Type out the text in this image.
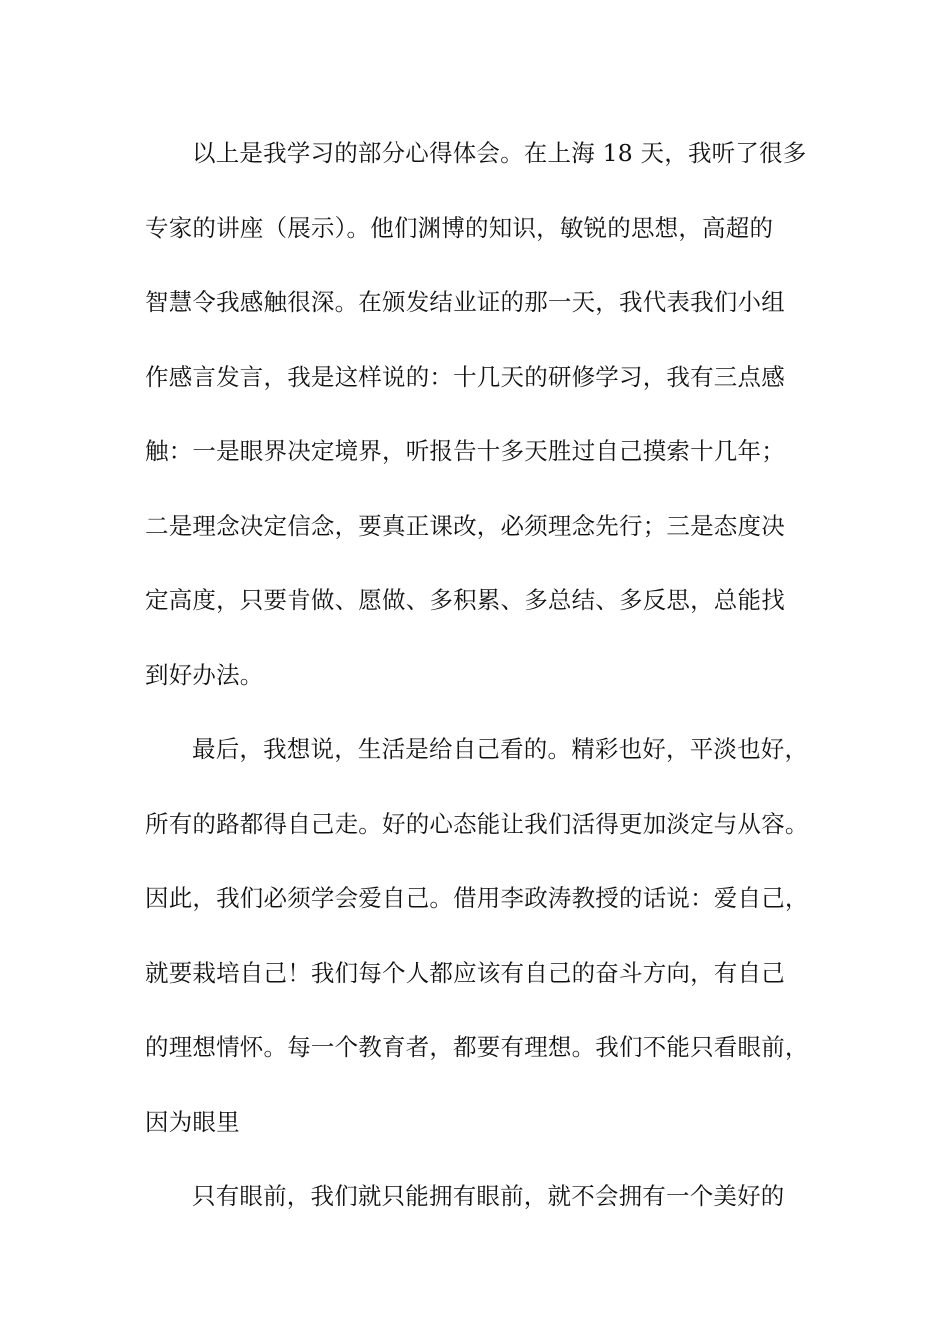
以上是我学习的部分心得体会。在上海 18 天，我听了很多
专家的讲座（展示）。他们渊博的知识，敏锐的思想，高超的
智慧令我感触很深。在颁发结业证的那一天，我代表我们小组
作感言发言，我是这样说的：十几天的研修学习，我有三点感
触：一是眼界决定境界，听报告十多天胜过自己摸索十几年；
二是理念决定信念，要真正课改，必须理念先行；三是态度决
定高度，只要肯做、愿做、多积累、多总结、多反思，总能找
到好办法。
最后，我想说，生活是给自己看的。精彩也好，平淡也好，
所有的路都得自己走。好的心态能让我们活得更加淡定与从容。
因此，我们必须学会爱自己。借用李政涛教授的话说：爱自己，
就要栽培自己！我们每个人都应该有自己的奋斗方向，有自己
的理想情怀。每一个教育者，都要有理想。我们不能只看眼前，
因为眼里
只有眼前，我们就只能拥有眼前，就不会拥有一个美好的
